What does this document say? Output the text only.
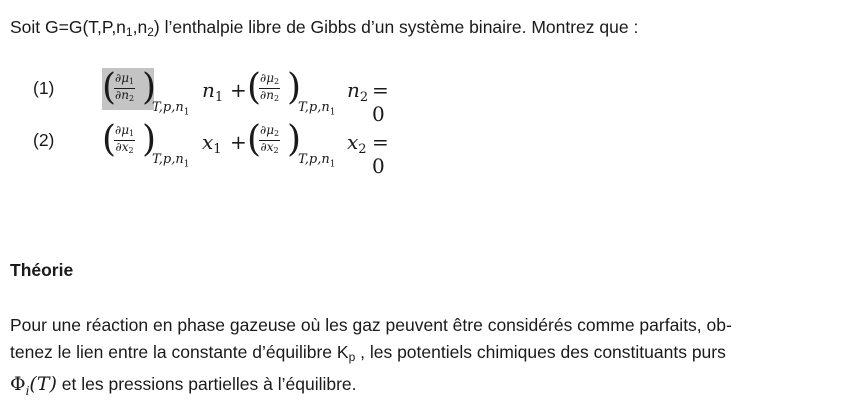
Soit $G=G(T,P,n_1,n_2)$ l’enthalpie libre de Gibbs d’un système binaire. Montrez que :
(1) (
$\frac{\partial\mu_1}{\partial n_2}$ )
$T,p,n_1$
$n_1$ + (
$\frac{\partial\mu_2}{\partial n_2}$ )
$T,p,n_1$
$n_2 = 0$
(2) (
$\frac{\partial\mu_1}{\partial x_2}$ )
$T,p,n_1$
$x_1$ + (
$\frac{\partial\mu_2}{\partial x_2}$ )
$T,p,n_1$
$x_2 = 0$
Théorie
Pour une réaction en phase gazeuse où les gaz peuvent être considérés comme parfaits, ob-
tenez le lien entre la constante d’équilibre $K_p$ , les potentiels chimiques des constituants purs
$\Phi_i(T)$ et les pressions partielles à l’équilibre.
